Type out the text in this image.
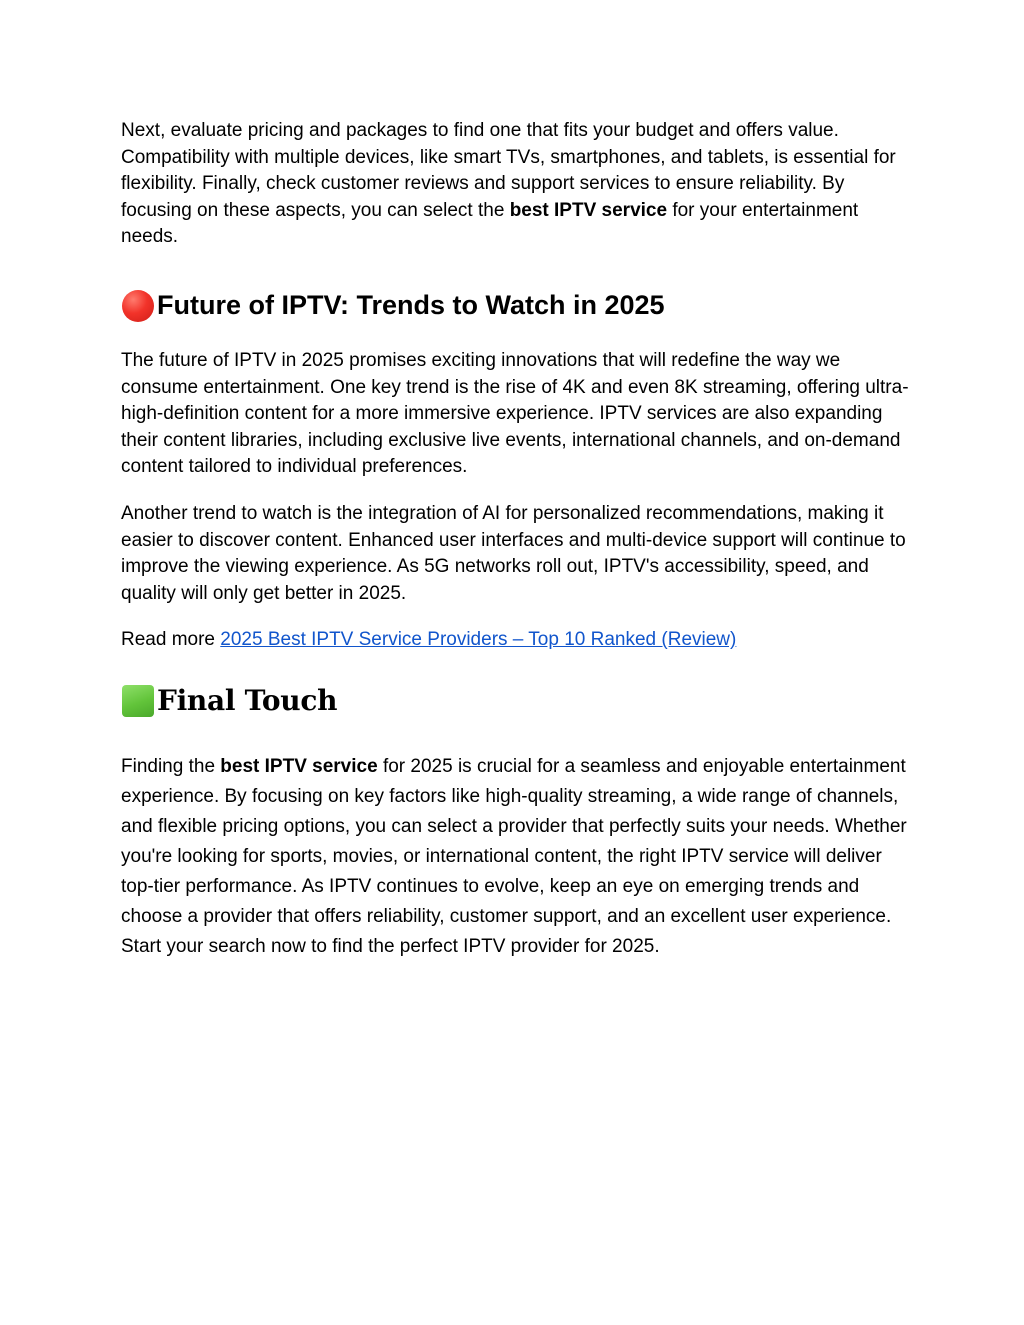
Next, evaluate pricing and packages to find one that fits your budget and offers value. Compatibility with multiple devices, like smart TVs, smartphones, and tablets, is essential for flexibility. Finally, check customer reviews and support services to ensure reliability. By focusing on these aspects, you can select the best IPTV service for your entertainment needs.

Future of IPTV: Trends to Watch in 2025

The future of IPTV in 2025 promises exciting innovations that will redefine the way we consume entertainment. One key trend is the rise of 4K and even 8K streaming, offering ultra-high-definition content for a more immersive experience. IPTV services are also expanding their content libraries, including exclusive live events, international channels, and on-demand content tailored to individual preferences.

Another trend to watch is the integration of AI for personalized recommendations, making it easier to discover content. Enhanced user interfaces and multi-device support will continue to improve the viewing experience. As 5G networks roll out, IPTV's accessibility, speed, and quality will only get better in 2025.

Read more 2025 Best IPTV Service Providers – Top 10 Ranked (Review)

Final Touch

Finding the best IPTV service for 2025 is crucial for a seamless and enjoyable entertainment experience. By focusing on key factors like high-quality streaming, a wide range of channels, and flexible pricing options, you can select a provider that perfectly suits your needs. Whether you're looking for sports, movies, or international content, the right IPTV service will deliver top-tier performance. As IPTV continues to evolve, keep an eye on emerging trends and choose a provider that offers reliability, customer support, and an excellent user experience. Start your search now to find the perfect IPTV provider for 2025.
